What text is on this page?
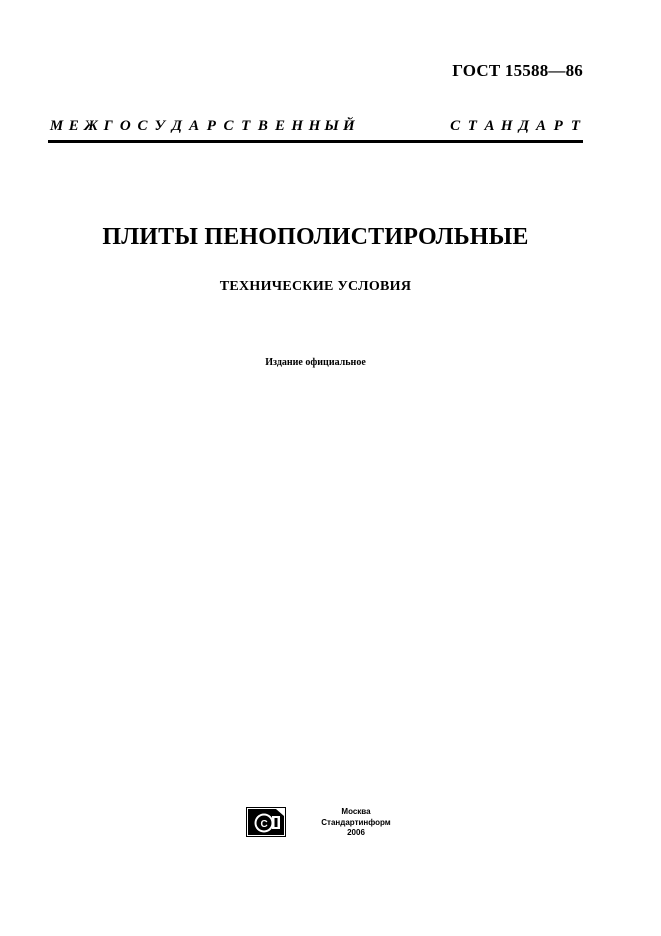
ГОСТ 15588—86
М Е Ж Г О С У Д А Р С Т В Е Н Н Ы Й	С Т А Н Д А Р Т
ПЛИТЫ ПЕНОПОЛИСТИРОЛЬНЫЕ
ТЕХНИЧЕСКИЕ УСЛОВИЯ
Издание официальное
C
Москва
Стандартинформ
2006
